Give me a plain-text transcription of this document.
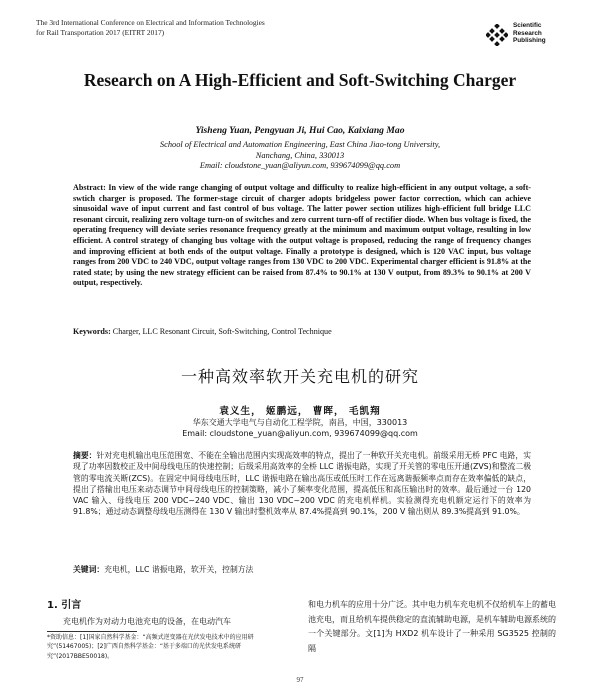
The 3rd International Conference on Electrical and Information Technologies
for Rail Transportation 2017 (EITRT 2017)
Scientific
Research
Publishing
Research on A High-Efficient and Soft-Switching Charger
Yisheng Yuan, Pengyuan Ji, Hui Cao, Kaixiang Mao
School of Electrical and Automation Engineering, East China Jiao-tong University,
Nanchang, China, 330013
Email: cloudstone_yuan@aliyun.com, 939674099@qq.com
Abstract: In view of the wide range changing of output voltage and difficulty to realize high-efficient in any output voltage, a soft-swtich charger is proposed. The former-stage circuit of charger adopts bridgeless power factor correction, which can achieve sinusoidal wave of input current and fast control of bus voltage. The latter power section utilizes high-efficient full bridge LLC resonant circuit, realizing zero voltage turn-on of switches and zero current turn-off of rectifier diode. When bus voltage is fixed, the operating frequency will deviate series resonance frequency greatly at the minimum and maximum output voltage, resulting in low efficient. A control strategy of changing bus voltage with the output voltage is proposed, reducing the range of frequency changes and improving efficient at both ends of the output voltage. Finally a prototype is designed, which is 120 VAC input, bus voltage ranges from 200 VDC to 240 VDC, output voltage ranges from 130 VDC to 200 VDC. Experimental charger efficient is 91.8% at the rated state; by using the new strategy efficient can be raised from 87.4% to 90.1% at 130 V output, from 89.3% to 90.1% at 200 V output, respectively.
Keywords: Charger, LLC Resonant Circuit, Soft-Switching, Control Technique
一种高效率软开关充电机的研究
袁义生， 姬鹏远， 曹晖， 毛凯翔
华东交通大学电气与自动化工程学院，南昌，中国，330013
Email: cloudstone_yuan@aliyun.com, 939674099@qq.com
摘要：针对充电机输出电压范围宽、不能在全输出范围内实现高效率的特点，提出了一种软开关充电机。前级采用无桥 PFC 电路，实现了功率因数校正及中间母线电压的快速控制；后级采用高效率的全桥 LLC 谐振电路，实现了开关管的零电压开通(ZVS)和整流二极管的零电流关断(ZCS)。在固定中间母线电压时，LLC 谐振电路在输出高压或低压时工作在远离谐振频率点而存在效率偏低的缺点，提出了搭输出电压来动态调节中间母线电压的控制策略，减小了频率变化范围，提高低压和高压输出时的效率。最后通过一台 120 VAC 输入、母线电压 200 VDC~240 VDC、输出 130 VDC~200 VDC 的充电机样机。实验测得充电机额定运行下的效率为 91.8%；通过动态调整母线电压测得在 130 V 输出时整机效率从 87.4%提高到 90.1%，200 V 输出则从 89.3%提高到 91.0%。
关键词：充电机，LLC 谐振电路，软开关，控制方法
1. 引言
充电机作为对动力电池充电的设备，在电动汽车
*资助信息：[1]国家自然科学基金：“高频式逆变器在光伏发电技术中的应用研究”(51467005)；[2]广西自然科学基金：“基于多端口的光伏发电系统研究”(2017BBE50018)。
和电力机车的应用十分广泛。其中电力机车充电机不仅给机车上的蓄电池充电，而且给机车提供稳定的直流辅助电源，是机车辅助电源系统的一个关键部分。文[1]为 HXD2 机车设计了一种采用 SG3525 控制的隔
97
